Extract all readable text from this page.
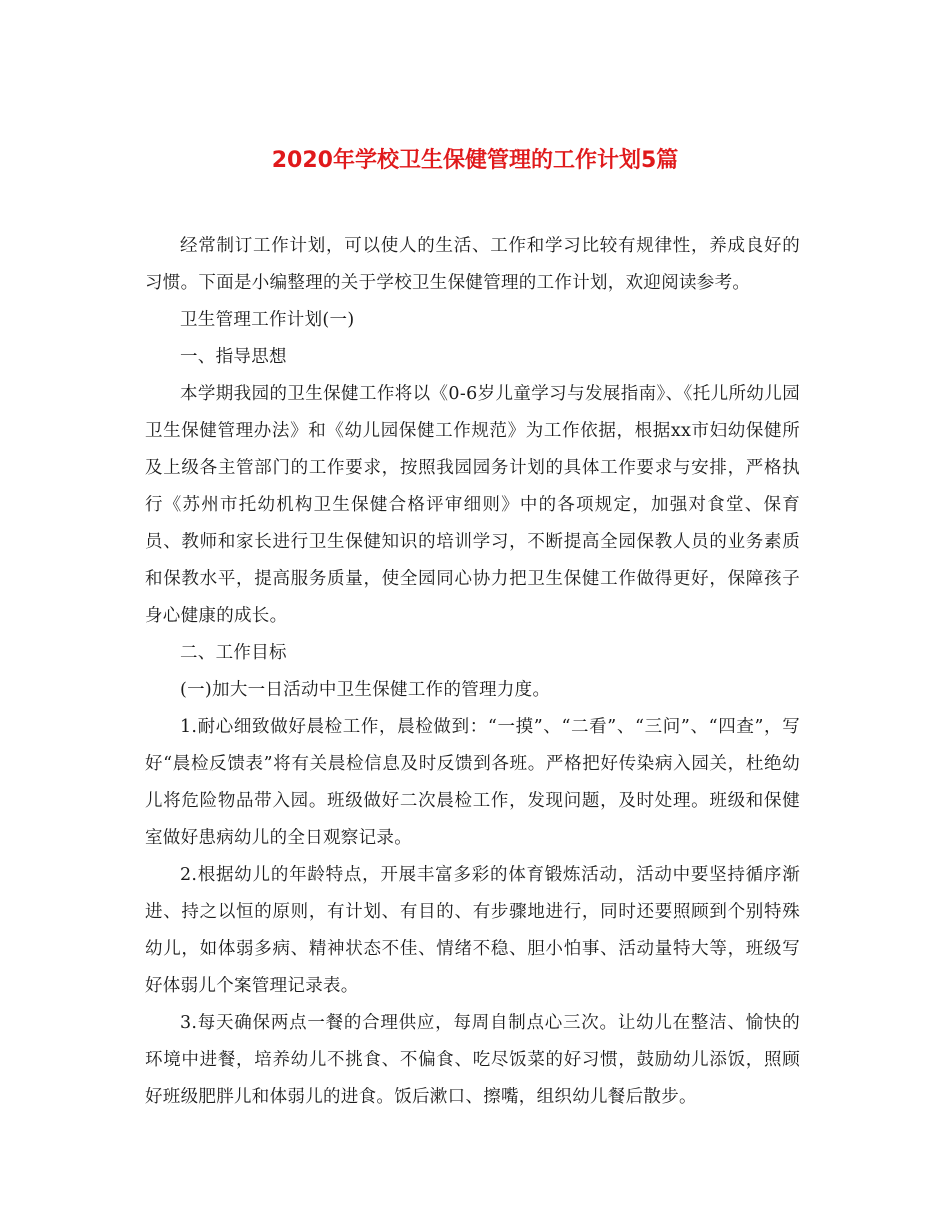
2020年学校卫生保健管理的工作计划5篇

经常制订工作计划，可以使人的生活、工作和学习比较有规律性，养成良好的习惯。下面是小编整理的关于学校卫生保健管理的工作计划，欢迎阅读参考。

卫生管理工作计划(一)

一、指导思想

本学期我园的卫生保健工作将以《0-6岁儿童学习与发展指南》、《托儿所幼儿园卫生保健管理办法》和《幼儿园保健工作规范》为工作依据，根据xx市妇幼保健所及上级各主管部门的工作要求，按照我园园务计划的具体工作要求与安排，严格执行《苏州市托幼机构卫生保健合格评审细则》中的各项规定，加强对食堂、保育员、教师和家长进行卫生保健知识的培训学习，不断提高全园保教人员的业务素质和保教水平，提高服务质量，使全园同心协力把卫生保健工作做得更好，保障孩子身心健康的成长。

二、工作目标

(一)加大一日活动中卫生保健工作的管理力度。

1.耐心细致做好晨检工作，晨检做到：“一摸”、“二看”、“三问”、“四查”，写好“晨检反馈表”将有关晨检信息及时反馈到各班。严格把好传染病入园关，杜绝幼儿将危险物品带入园。班级做好二次晨检工作，发现问题，及时处理。班级和保健室做好患病幼儿的全日观察记录。

2.根据幼儿的年龄特点，开展丰富多彩的体育锻炼活动，活动中要坚持循序渐进、持之以恒的原则，有计划、有目的、有步骤地进行，同时还要照顾到个别特殊幼儿，如体弱多病、精神状态不佳、情绪不稳、胆小怕事、活动量特大等，班级写好体弱儿个案管理记录表。

3.每天确保两点一餐的合理供应，每周自制点心三次。让幼儿在整洁、愉快的环境中进餐，培养幼儿不挑食、不偏食、吃尽饭菜的好习惯，鼓励幼儿添饭，照顾好班级肥胖儿和体弱儿的进食。饭后漱口、擦嘴，组织幼儿餐后散步。
